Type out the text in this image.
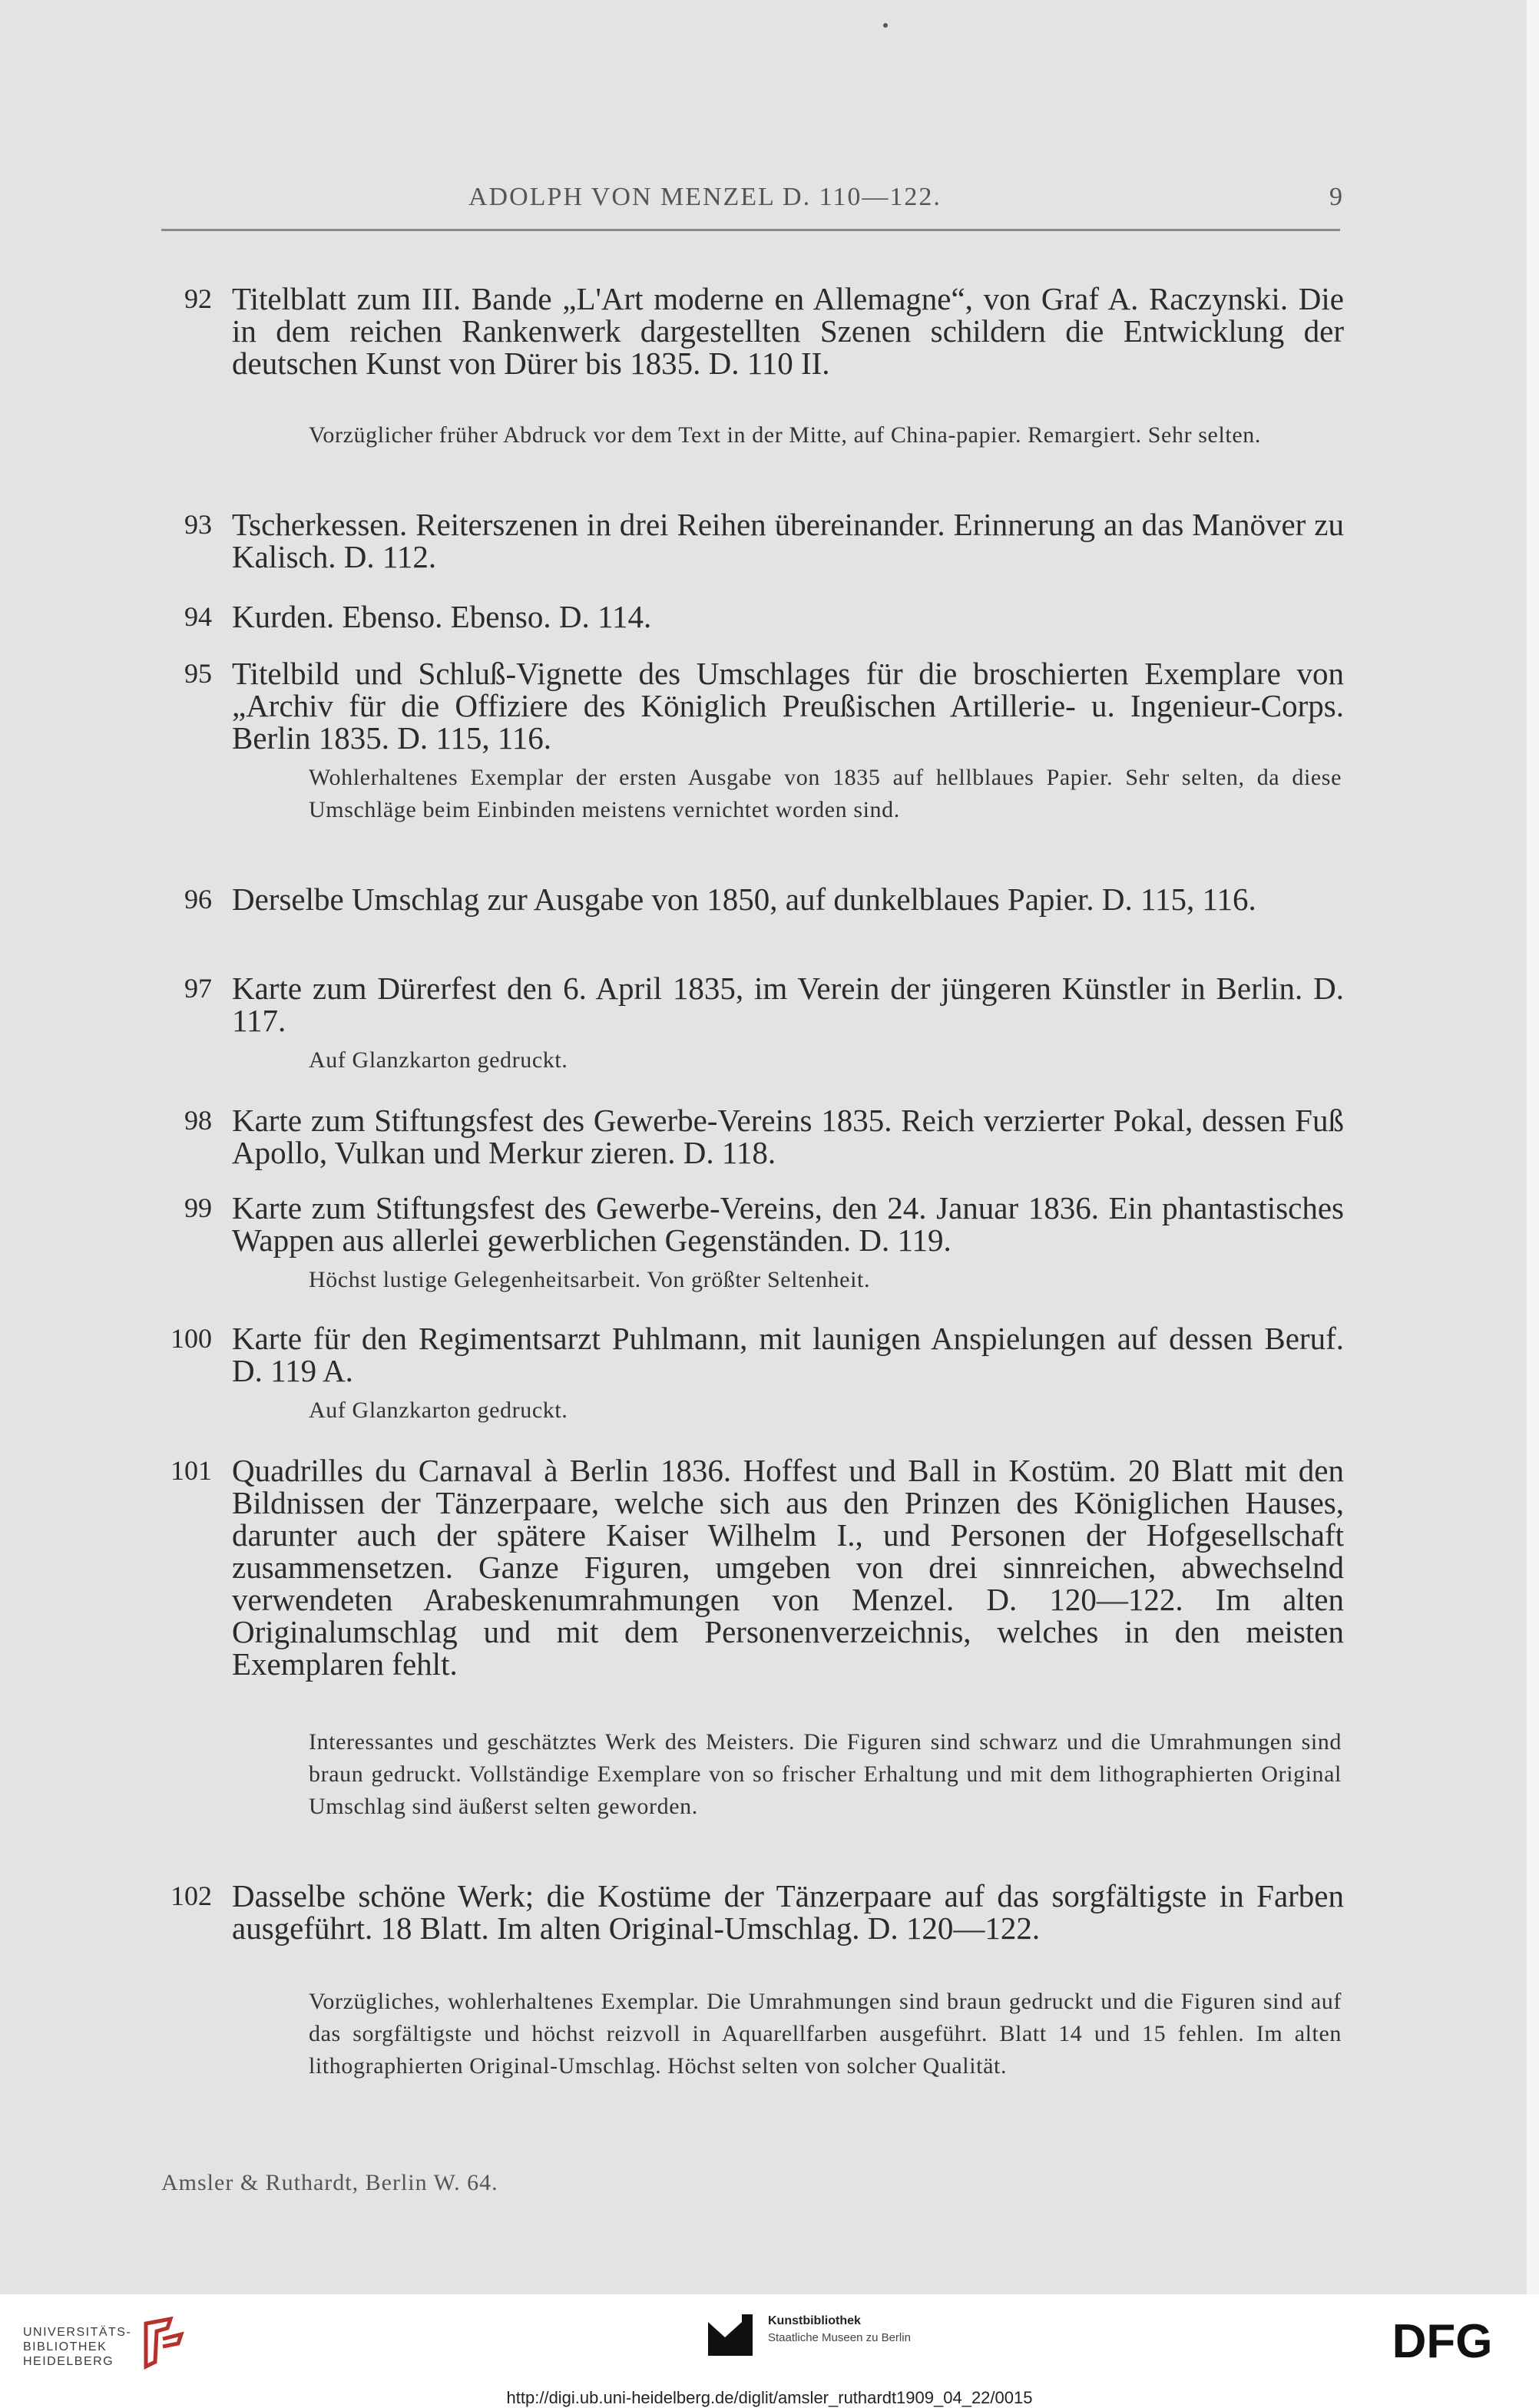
ADOLPH VON MENZEL D. 110—122.	9
92 Titelblatt zum III. Bande „L'Art moderne en Allemagne“, von Graf A. Raczynski. Die in dem reichen Rankenwerk dargestellten Szenen schildern die Entwicklung der deutschen Kunst von Dürer bis 1835. D. 110 II.
Vorzüglicher früher Abdruck vor dem Text in der Mitte, auf China-papier. Remargiert. Sehr selten.
93 Tscherkessen. Reiterszenen in drei Reihen übereinander. Erinnerung an das Manöver zu Kalisch. D. 112.
94 Kurden. Ebenso. Ebenso. D. 114.
95 Titelbild und Schluß-Vignette des Umschlages für die broschierten Exemplare von „Archiv für die Offiziere des Königlich Preußischen Artillerie- u. Ingenieur-Corps. Berlin 1835. D. 115, 116.
Wohlerhaltenes Exemplar der ersten Ausgabe von 1835 auf hellblaues Papier. Sehr selten, da diese Umschläge beim Einbinden meistens vernichtet worden sind.
96 Derselbe Umschlag zur Ausgabe von 1850, auf dunkelblaues Papier. D. 115, 116.
97 Karte zum Dürerfest den 6. April 1835, im Verein der jüngeren Künstler in Berlin. D. 117.
Auf Glanzkarton gedruckt.
98 Karte zum Stiftungsfest des Gewerbe-Vereins 1835. Reich verzierter Pokal, dessen Fuß Apollo, Vulkan und Merkur zieren. D. 118.
99 Karte zum Stiftungsfest des Gewerbe-Vereins, den 24. Januar 1836. Ein phantastisches Wappen aus allerlei gewerblichen Gegenständen. D. 119.
Höchst lustige Gelegenheitsarbeit. Von größter Seltenheit.
100 Karte für den Regimentsarzt Puhlmann, mit launigen Anspielungen auf dessen Beruf. D. 119 A.
Auf Glanzkarton gedruckt.
101 Quadrilles du Carnaval à Berlin 1836. Hoffest und Ball in Kostüm. 20 Blatt mit den Bildnissen der Tänzerpaare, welche sich aus den Prinzen des Königlichen Hauses, darunter auch der spätere Kaiser Wilhelm I., und Personen der Hofgesellschaft zusammensetzen. Ganze Figuren, umgeben von drei sinnreichen, abwechselnd verwendeten Arabeskenumrahmungen von Menzel. D. 120—122. Im alten Originalumschlag und mit dem Personenverzeichnis, welches in den meisten Exemplaren fehlt.
Interessantes und geschätztes Werk des Meisters. Die Figuren sind schwarz und die Umrahmungen sind braun gedruckt. Vollständige Exemplare von so frischer Erhaltung und mit dem lithographierten Original Umschlag sind äußerst selten geworden.
102 Dasselbe schöne Werk; die Kostüme der Tänzerpaare auf das sorgfältigste in Farben ausgeführt. 18 Blatt. Im alten Original-Umschlag. D. 120—122.
Vorzügliches, wohlerhaltenes Exemplar. Die Umrahmungen sind braun gedruckt und die Figuren sind auf das sorgfältigste und höchst reizvoll in Aquarellfarben ausgeführt. Blatt 14 und 15 fehlen. Im alten lithographierten Original-Umschlag. Höchst selten von solcher Qualität.
Amsler & Ruthardt, Berlin W. 64.
UNIVERSITÄTS-
BIBLIOTHEK
HEIDELBERG
Kunstbibliothek
Staatliche Museen zu Berlin	DFG
http://digi.ub.uni-heidelberg.de/diglit/amsler_ruthardt1909_04_22/0015
